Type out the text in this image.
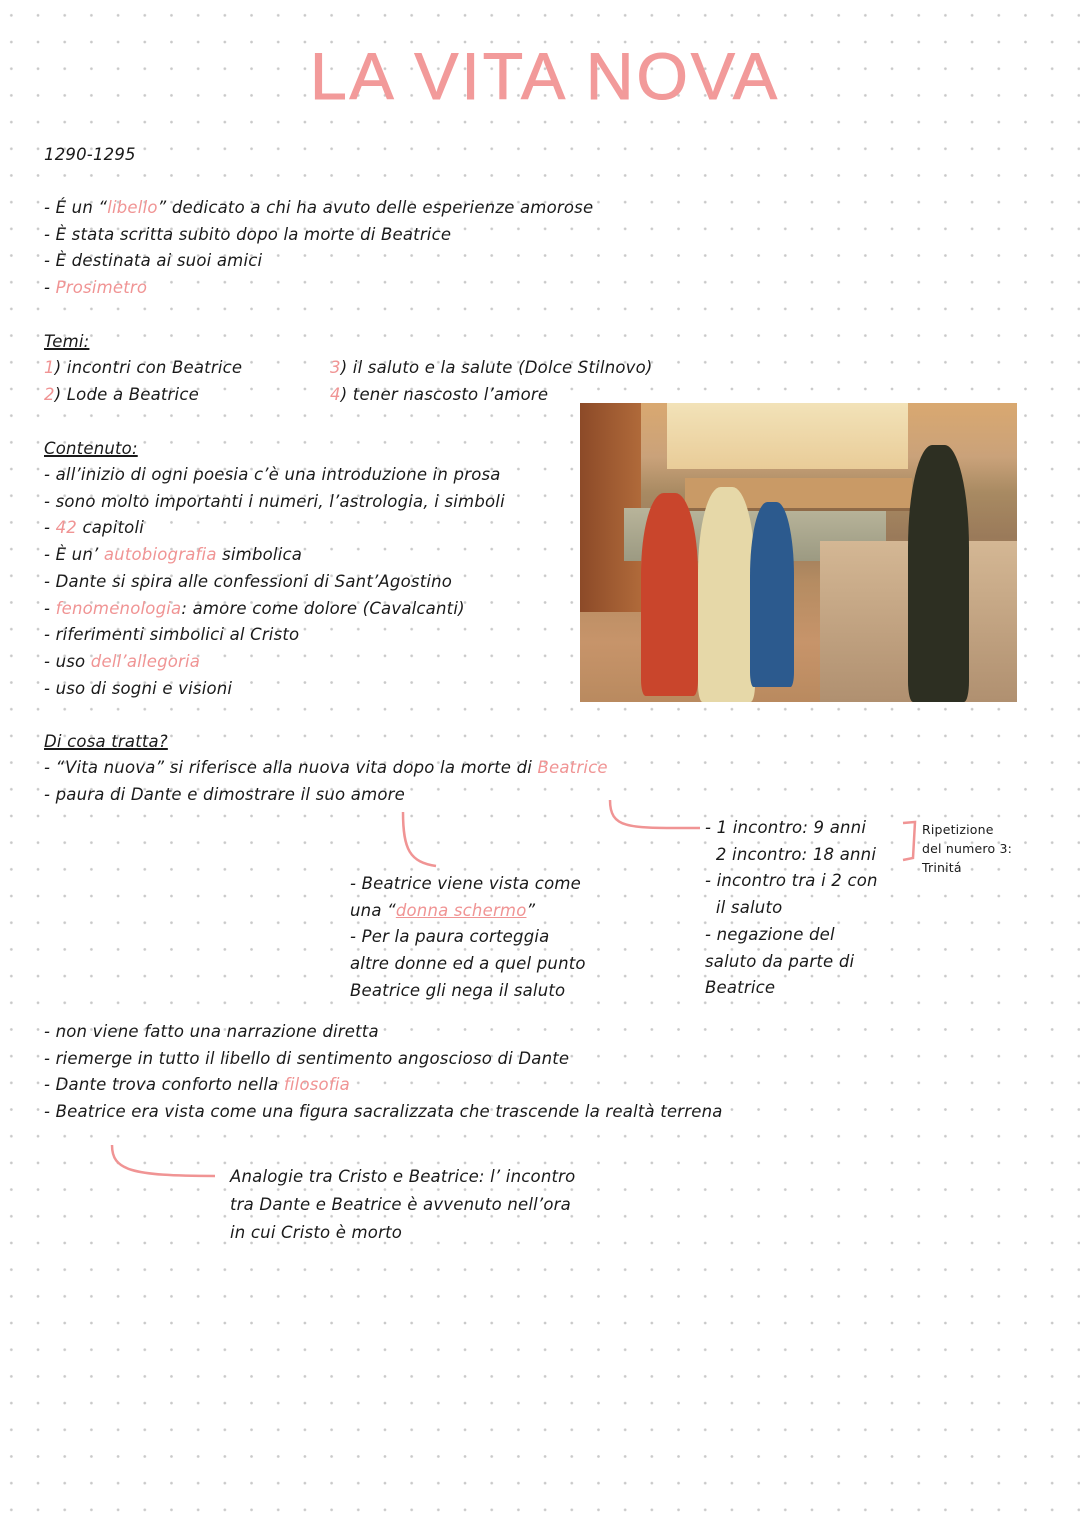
LA VITA NOVA
1290-1295
- É un “libello” dedicato a chi ha avuto delle esperienze amorose
- È stata scritta subito dopo la morte di Beatrice
- È destinata ai suoi amici
- Prosimetro
Temi:
1) incontri con Beatrice
2) Lode a Beatrice
3) il saluto e la salute (Dolce Stilnovo)
4) tener nascosto l’amore
Contenuto:
- all’inizio di ogni poesia c’è una introduzione in prosa
- sono molto importanti i numeri, l’astrologia, i simboli
- 42 capitoli
- È un’ autobiografia simbolica
- Dante si spira alle confessioni di Sant’Agostino
- fenomenologia: amore come dolore (Cavalcanti)
- riferimenti simbolici al Cristo
- uso dell’allegoria
- uso di sogni e visioni
Di cosa tratta?
- “Vita nuova” si riferisce alla nuova vita dopo la morte di Beatrice
- paura di Dante e dimostrare il suo amore
- Beatrice viene vista come
una “donna schermo”
- Per la paura corteggia
altre donne ed a quel punto
Beatrice gli nega il saluto
- 1 incontro: 9 anni
2 incontro: 18 anni
- incontro tra i 2 con
il saluto
- negazione del
saluto da parte di
Beatrice
Ripetizione
del numero 3:
Trinitá
- non viene fatto una narrazione diretta
- riemerge in tutto il libello di sentimento angoscioso di Dante
- Dante trova conforto nella filosofia
- Beatrice era vista come una figura sacralizzata che trascende la realtà terrena
Analogie tra Cristo e Beatrice: l’ incontro
tra Dante e Beatrice è avvenuto nell’ora
in cui Cristo è morto
